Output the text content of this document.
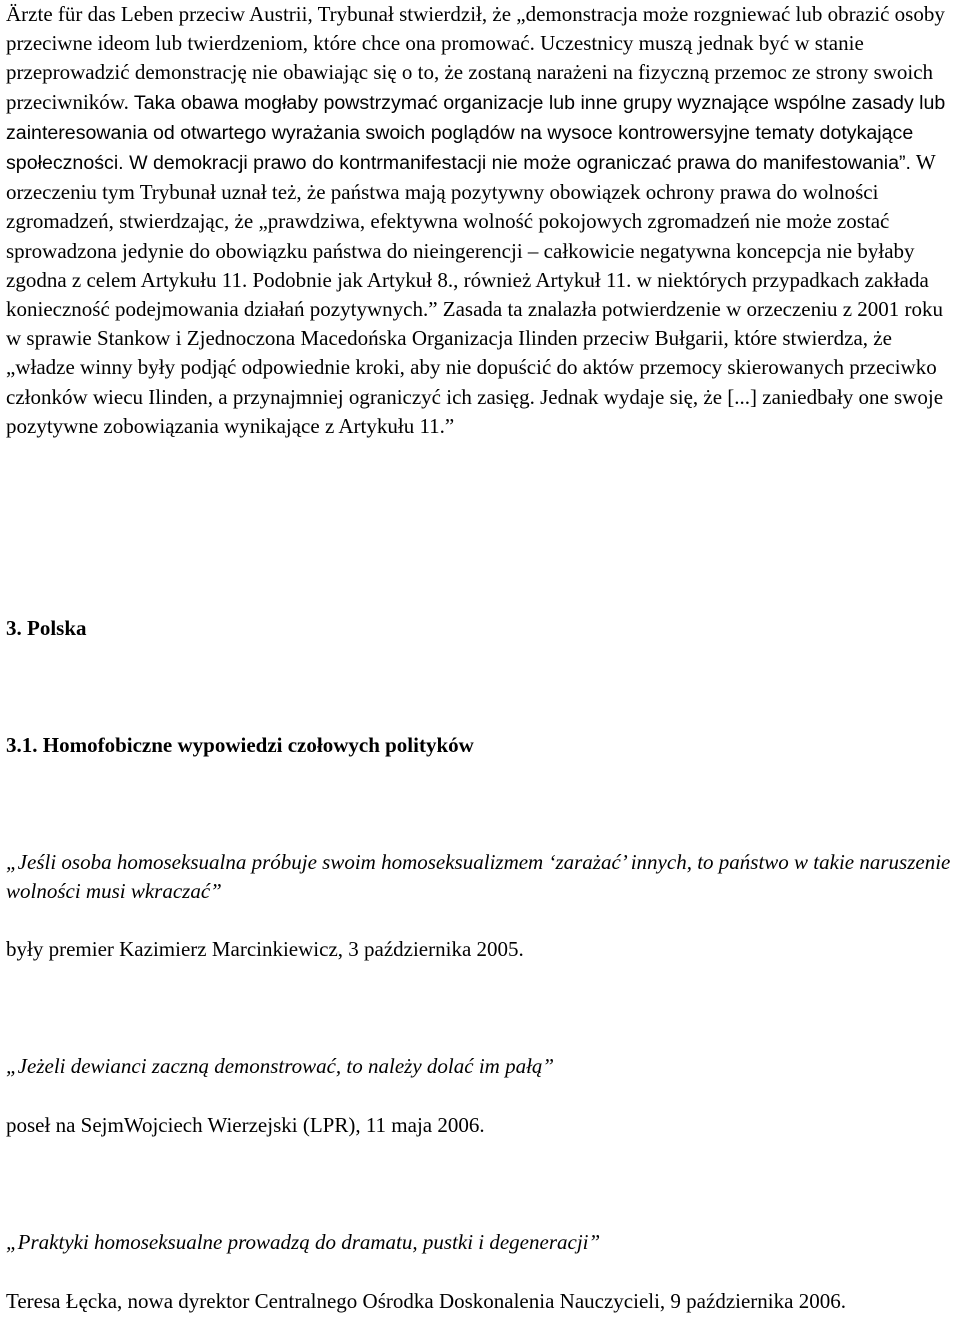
Ärzte für das Leben przeciw Austrii, Trybunał stwierdził, że „demonstracja może rozgniewać lub obrazić osoby przeciwne ideom lub twierdzeniom, które chce ona promować. Uczestnicy muszą jednak być w stanie przeprowadzić demonstrację nie obawiając się o to, że zostaną narażeni na fizyczną przemoc ze strony swoich przeciwników. Taka obawa mogłaby powstrzymać organizacje lub inne grupy wyznające wspólne zasady lub zainteresowania od otwartego wyrażania swoich poglądów na wysoce kontrowersyjne tematy dotykające społeczności. W demokracji prawo do kontrmanifestacji nie może ograniczać prawa do manifestowania”. W orzeczeniu tym Trybunał uznał też, że państwa mają pozytywny obowiązek ochrony prawa do wolności zgromadzeń, stwierdzając, że „prawdziwa, efektywna wolność pokojowych zgromadzeń nie może zostać sprowadzona jedynie do obowiązku państwa do nieingerencji – całkowicie negatywna koncepcja nie byłaby zgodna z celem Artykułu 11. Podobnie jak Artykuł 8., również Artykuł 11. w niektórych przypadkach zakłada konieczność podejmowania działań pozytywnych.” Zasada ta znalazła potwierdzenie w orzeczeniu z 2001 roku w sprawie Stankow i Zjednoczona Macedońska Organizacja Ilinden przeciw Bułgarii, które stwierdza, że „władze winny były podjąć odpowiednie kroki, aby nie dopuścić do aktów przemocy skierowanych przeciwko członków wiecu Ilinden, a przynajmniej ograniczyć ich zasięg. Jednak wydaje się, że [...] zaniedbały one swoje pozytywne zobowiązania wynikające z Artykułu 11.”

3. Polska

3.1. Homofobiczne wypowiedzi czołowych polityków

„Jeśli osoba homoseksualna próbuje swoim homoseksualizmem ‘zarażać’ innych, to państwo w takie naruszenie wolności musi wkraczać”

były premier Kazimierz Marcinkiewicz, 3 października 2005.

„Jeżeli dewianci zaczną demonstrować, to należy dolać im pałą”

poseł na SejmWojciech Wierzejski (LPR), 11 maja 2006.

„Praktyki homoseksualne prowadzą do dramatu, pustki i degeneracji”

Teresa Łęcka, nowa dyrektor Centralnego Ośrodka Doskonalenia Nauczycieli, 9 października 2006.
